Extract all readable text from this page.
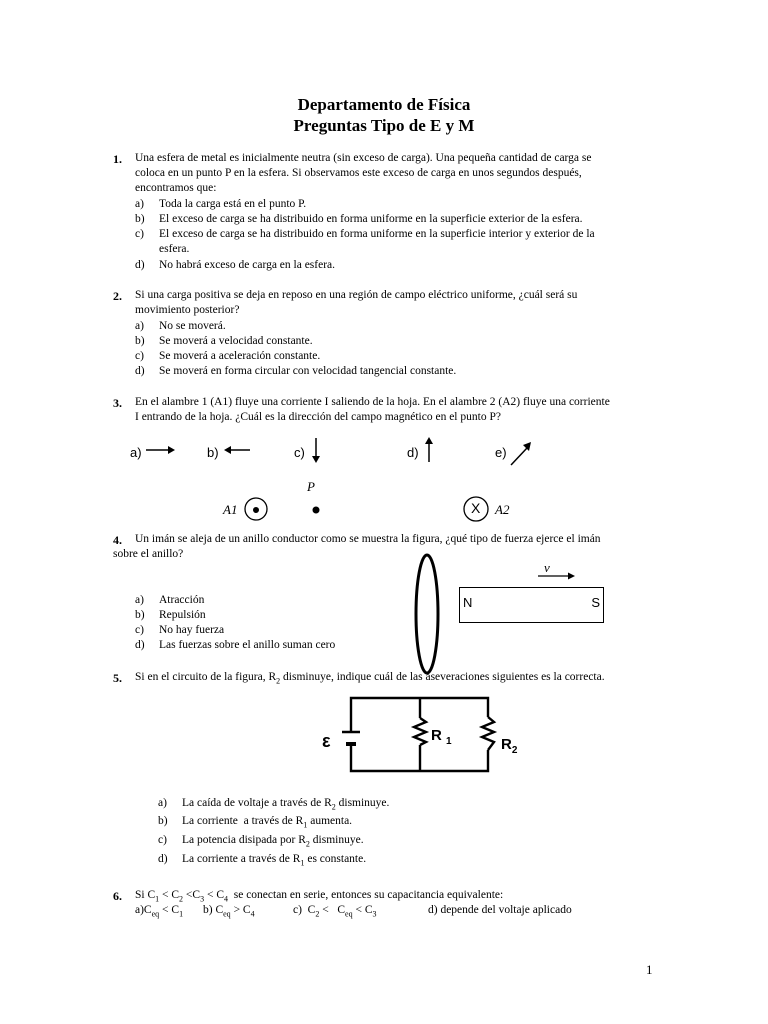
Departamento de Física
Preguntas Tipo de E y M
1. Una esfera de metal es inicialmente neutra (sin exceso de carga). Una pequeña cantidad de carga se
coloca en un punto P en la esfera. Si observamos este exceso de carga en unos segundos después,
encontramos que:
a) Toda la carga está en el punto P.
b) El exceso de carga se ha distribuido en forma uniforme en la superficie exterior de la esfera.
c) El exceso de carga se ha distribuido en forma uniforme en la superficie interior y exterior de la
esfera.
d) No habrá exceso de carga en la esfera.
2. Si una carga positiva se deja en reposo en una región de campo eléctrico uniforme, ¿cuál será su
movimiento posterior?
a) No se moverá.
b) Se moverá a velocidad constante.
c) Se moverá a aceleración constante.
d) Se moverá en forma circular con velocidad tangencial constante.
3. En el alambre 1 (A1) fluye una corriente I saliendo de la hoja. En el alambre 2 (A2) fluye una corriente
I entrando de la hoja. ¿Cuál es la dirección del campo magnético en el punto P?
a)	b)	c)	d)	e)
P
A1	X A2
4. Un imán se aleja de un anillo conductor como se muestra la figura, ¿qué tipo de fuerza ejerce el imán
sobre el anillo?
a) Atracción
b) Repulsión
c) No hay fuerza
d) Las fuerzas sobre el anillo suman cero
v
N	S
5. Si en el circuito de la figura, $R_2$ disminuye, indique cuál de las aseveraciones siguientes es la correcta.
ε	R $_1$	$R_2$
a) La caída de voltaje a través de $R_2$ disminuye.
b) La corriente  a través de $R_1$ aumenta.
c) La potencia disipada por $R_2$ disminuye.
d) La corriente a través de $R_1$ es constante.
6. Si $C_1 < C_2 <C_3 < C_4$  se conectan en serie, entonces su capacitancia equivalente:
$a)C_{eq} < C_1$ b) $C_{eq} > C_4$	c)  $C_2 < C_{eq} < C_3$	d) depende del voltaje aplicado
1
